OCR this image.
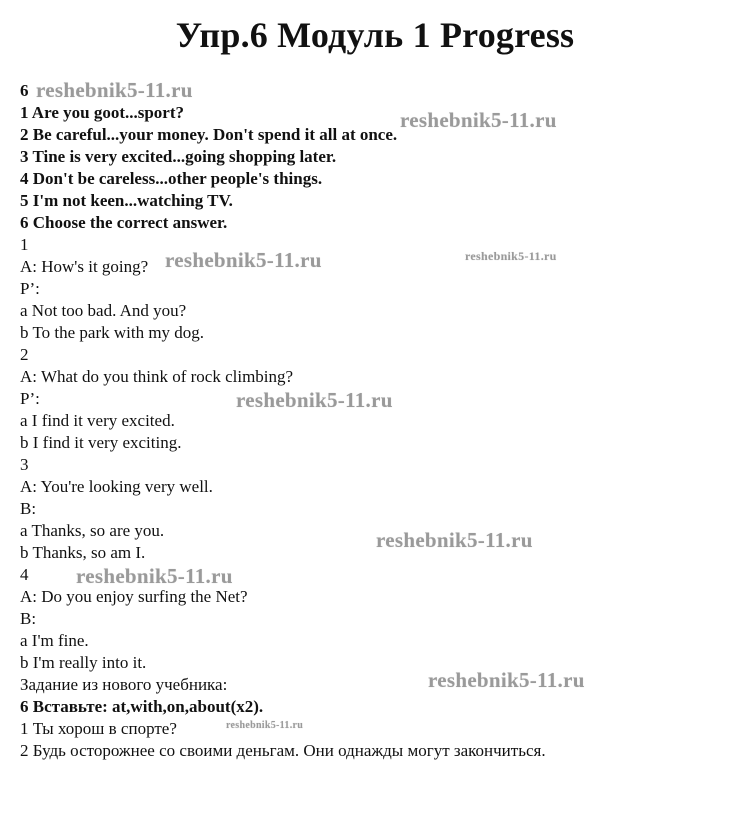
Упр.6 Модуль 1 Progress
6
1 Are you goot...sport?
2 Be careful...your money. Don't spend it all at once.
3 Tine is very excited...going shopping later.
4 Don't be careless...other people's things.
5 I'm not keen...watching TV.
6 Choose the correct answer.
1
A: How's it going?
P’:
a Not too bad. And you?
b To the park with my dog.
2
A: What do you think of rock climbing?
P’:
a I find it very excited.
b I find it very exciting.
3
A: You're looking very well.
B:
a Thanks, so are you.
b Thanks, so am I.
4
A: Do you enjoy surfing the Net?
B:
a I'm fine.
b I'm really into it.
Задание из нового учебника:
6 Вставьте: at,with,on,about(x2).
1 Ты хорош в спорте?
2 Будь осторожнее со своими деньгам. Они однажды могут закончиться.
reshebnik5-11.ru
reshebnik5-11.ru
reshebnik5-11.ru	reshebnik5-11.ru
reshebnik5-11.ru
reshebnik5-11.ru
reshebnik5-11.ru
reshebnik5-11.ru
reshebnik5-11.ru
